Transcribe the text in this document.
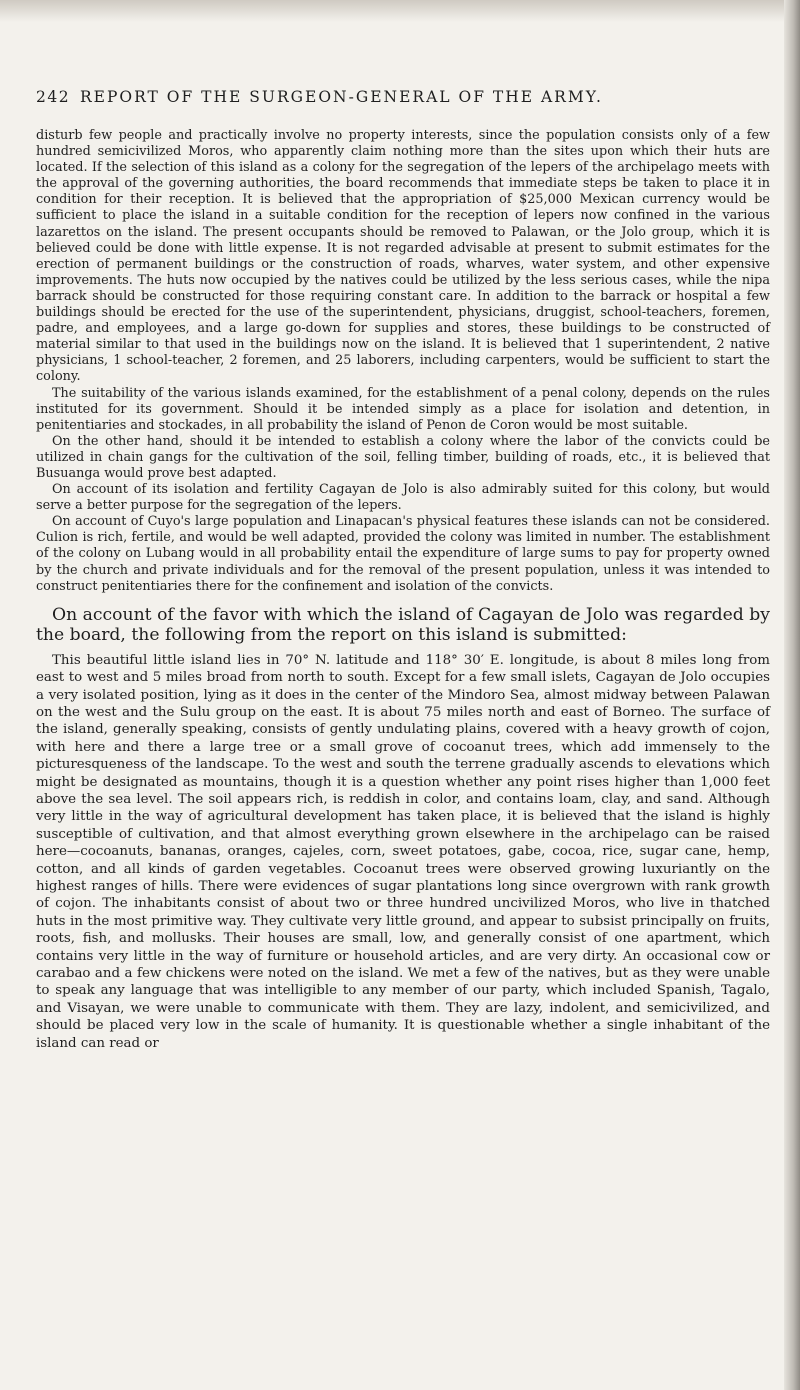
242 REPORT OF THE SURGEON-GENERAL OF THE ARMY.

disturb few people and practically involve no property interests, since the population consists only of a few hundred semicivilized Moros, who apparently claim nothing more than the sites upon which their huts are located. If the selection of this island as a colony for the segregation of the lepers of the archipelago meets with the approval of the governing authorities, the board recommends that immediate steps be taken to place it in condition for their reception. It is believed that the appropriation of $25,000 Mexican currency would be sufficient to place the island in a suitable condition for the reception of lepers now confined in the various lazarettos on the island. The present occupants should be removed to Palawan, or the Jolo group, which it is believed could be done with little expense. It is not regarded advisable at present to submit estimates for the erection of permanent buildings or the construction of roads, wharves, water system, and other expensive improvements. The huts now occupied by the natives could be utilized by the less serious cases, while the nipa barrack should be constructed for those requiring constant care. In addition to the barrack or hospital a few buildings should be erected for the use of the superintendent, physicians, druggist, school-teachers, foremen, padre, and employees, and a large go-down for supplies and stores, these buildings to be constructed of material similar to that used in the buildings now on the island. It is believed that 1 superintendent, 2 native physicians, 1 school-teacher, 2 foremen, and 25 laborers, including carpenters, would be sufficient to start the colony.

The suitability of the various islands examined, for the establishment of a penal colony, depends on the rules instituted for its government. Should it be intended simply as a place for isolation and detention, in penitentiaries and stockades, in all probability the island of Penon de Coron would be most suitable.

On the other hand, should it be intended to establish a colony where the labor of the convicts could be utilized in chain gangs for the cultivation of the soil, felling timber, building of roads, etc., it is believed that Busuanga would prove best adapted.

On account of its isolation and fertility Cagayan de Jolo is also admirably suited for this colony, but would serve a better purpose for the segregation of the lepers.

On account of Cuyo's large population and Linapacan's physical features these islands can not be considered. Culion is rich, fertile, and would be well adapted, provided the colony was limited in number. The establishment of the colony on Lubang would in all probability entail the expenditure of large sums to pay for property owned by the church and private individuals and for the removal of the present population, unless it was intended to construct penitentiaries there for the confinement and isolation of the convicts.

On account of the favor with which the island of Cagayan de Jolo was regarded by the board, the following from the report on this island is submitted:

This beautiful little island lies in 70° N. latitude and 118° 30′ E. longitude, is about 8 miles long from east to west and 5 miles broad from north to south. Except for a few small islets, Cagayan de Jolo occupies a very isolated position, lying as it does in the center of the Mindoro Sea, almost midway between Palawan on the west and the Sulu group on the east. It is about 75 miles north and east of Borneo. The surface of the island, generally speaking, consists of gently undulating plains, covered with a heavy growth of cojon, with here and there a large tree or a small grove of cocoanut trees, which add immensely to the picturesqueness of the landscape. To the west and south the terrene gradually ascends to elevations which might be designated as mountains, though it is a question whether any point rises higher than 1,000 feet above the sea level. The soil appears rich, is reddish in color, and contains loam, clay, and sand. Although very little in the way of agricultural development has taken place, it is believed that the island is highly susceptible of cultivation, and that almost everything grown elsewhere in the archipelago can be raised here—cocoanuts, bananas, oranges, cajeles, corn, sweet potatoes, gabe, cocoa, rice, sugar cane, hemp, cotton, and all kinds of garden vegetables. Cocoanut trees were observed growing luxuriantly on the highest ranges of hills. There were evidences of sugar plantations long since overgrown with rank growth of cojon. The inhabitants consist of about two or three hundred uncivilized Moros, who live in thatched huts in the most primitive way. They cultivate very little ground, and appear to subsist principally on fruits, roots, fish, and mollusks. Their houses are small, low, and generally consist of one apartment, which contains very little in the way of furniture or household articles, and are very dirty. An occasional cow or carabao and a few chickens were noted on the island. We met a few of the natives, but as they were unable to speak any language that was intelligible to any member of our party, which included Spanish, Tagalo, and Visayan, we were unable to communicate with them. They are lazy, indolent, and semicivilized, and should be placed very low in the scale of humanity. It is questionable whether a single inhabitant of the island can read or
